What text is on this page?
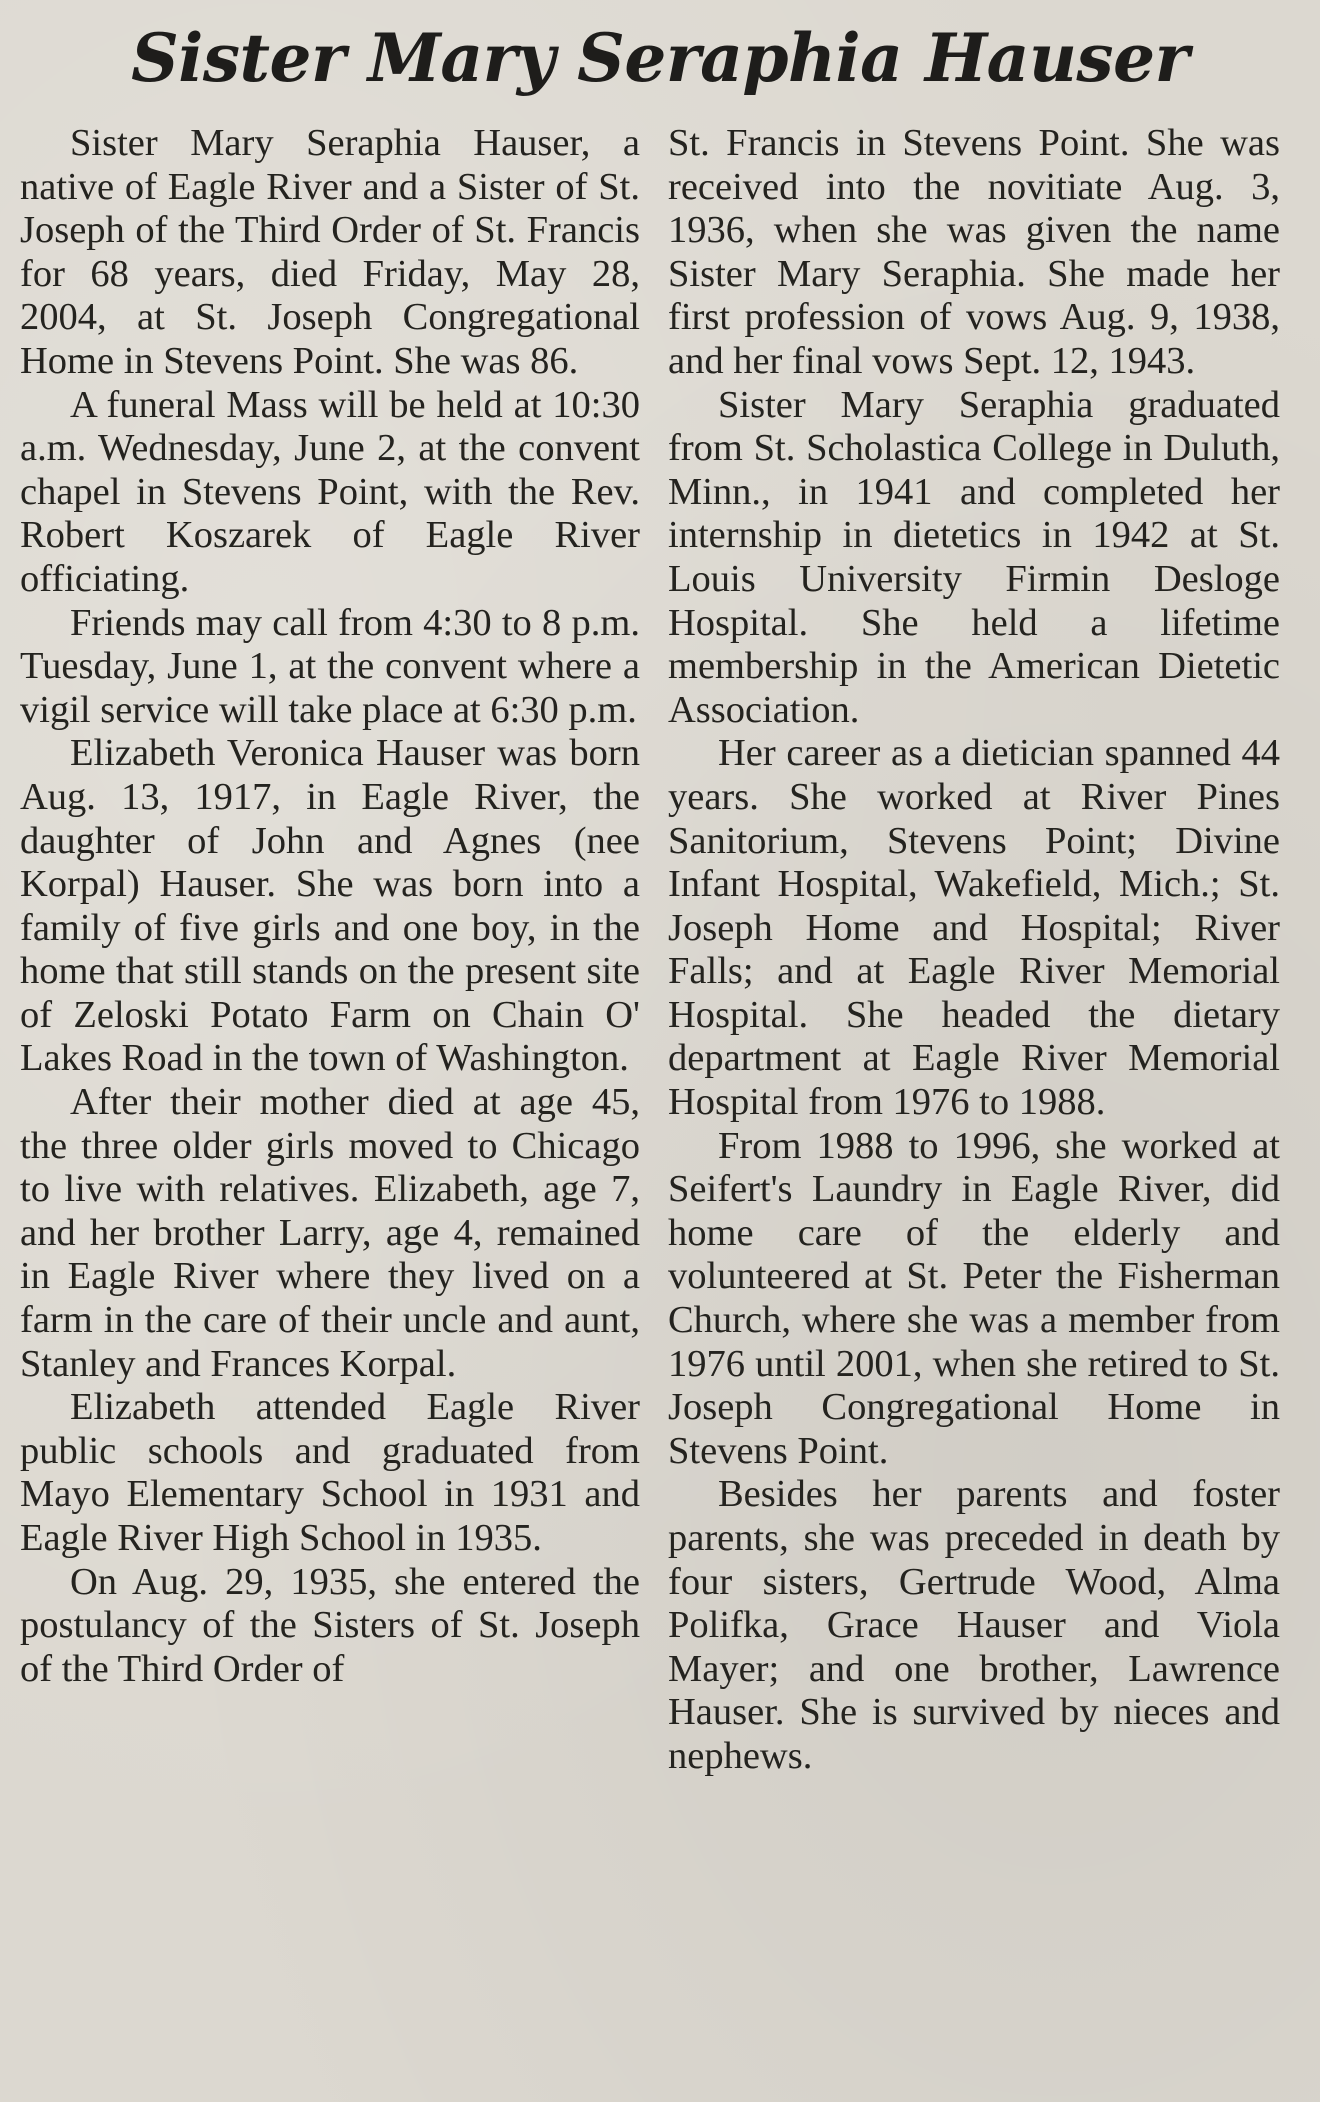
Sister Mary Seraphia Hauser

Sister Mary Seraphia Hauser, a native of Eagle River and a Sister of St. Joseph of the Third Order of St. Francis for 68 years, died Friday, May 28, 2004, at St. Joseph Congregational Home in Stevens Point. She was 86.

A funeral Mass will be held at 10:30 a.m. Wednesday, June 2, at the convent chapel in Stevens Point, with the Rev. Robert Koszarek of Eagle River officiating.

Friends may call from 4:30 to 8 p.m. Tuesday, June 1, at the convent where a vigil service will take place at 6:30 p.m.

Elizabeth Veronica Hauser was born Aug. 13, 1917, in Eagle River, the daughter of John and Agnes (nee Korpal) Hauser. She was born into a family of five girls and one boy, in the home that still stands on the present site of Zeloski Potato Farm on Chain O' Lakes Road in the town of Washington.

After their mother died at age 45, the three older girls moved to Chicago to live with relatives. Elizabeth, age 7, and her brother Larry, age 4, remained in Eagle River where they lived on a farm in the care of their uncle and aunt, Stanley and Frances Korpal.

Elizabeth attended Eagle River public schools and graduated from Mayo Elementary School in 1931 and Eagle River High School in 1935.

On Aug. 29, 1935, she entered the postulancy of the Sisters of St. Joseph of the Third Order of

St. Francis in Stevens Point. She was received into the novitiate Aug. 3, 1936, when she was given the name Sister Mary Seraphia. She made her first profession of vows Aug. 9, 1938, and her final vows Sept. 12, 1943.

Sister Mary Seraphia graduated from St. Scholastica College in Duluth, Minn., in 1941 and completed her internship in dietetics in 1942 at St. Louis University Firmin Desloge Hospital. She held a lifetime membership in the American Dietetic Association.

Her career as a dietician spanned 44 years. She worked at River Pines Sanitorium, Stevens Point; Divine Infant Hospital, Wakefield, Mich.; St. Joseph Home and Hospital; River Falls; and at Eagle River Memorial Hospital. She headed the dietary department at Eagle River Memorial Hospital from 1976 to 1988.

From 1988 to 1996, she worked at Seifert's Laundry in Eagle River, did home care of the elderly and volunteered at St. Peter the Fisherman Church, where she was a member from 1976 until 2001, when she retired to St. Joseph Congregational Home in Stevens Point.

Besides her parents and foster parents, she was preceded in death by four sisters, Gertrude Wood, Alma Polifka, Grace Hauser and Viola Mayer; and one brother, Lawrence Hauser. She is survived by nieces and nephews.
